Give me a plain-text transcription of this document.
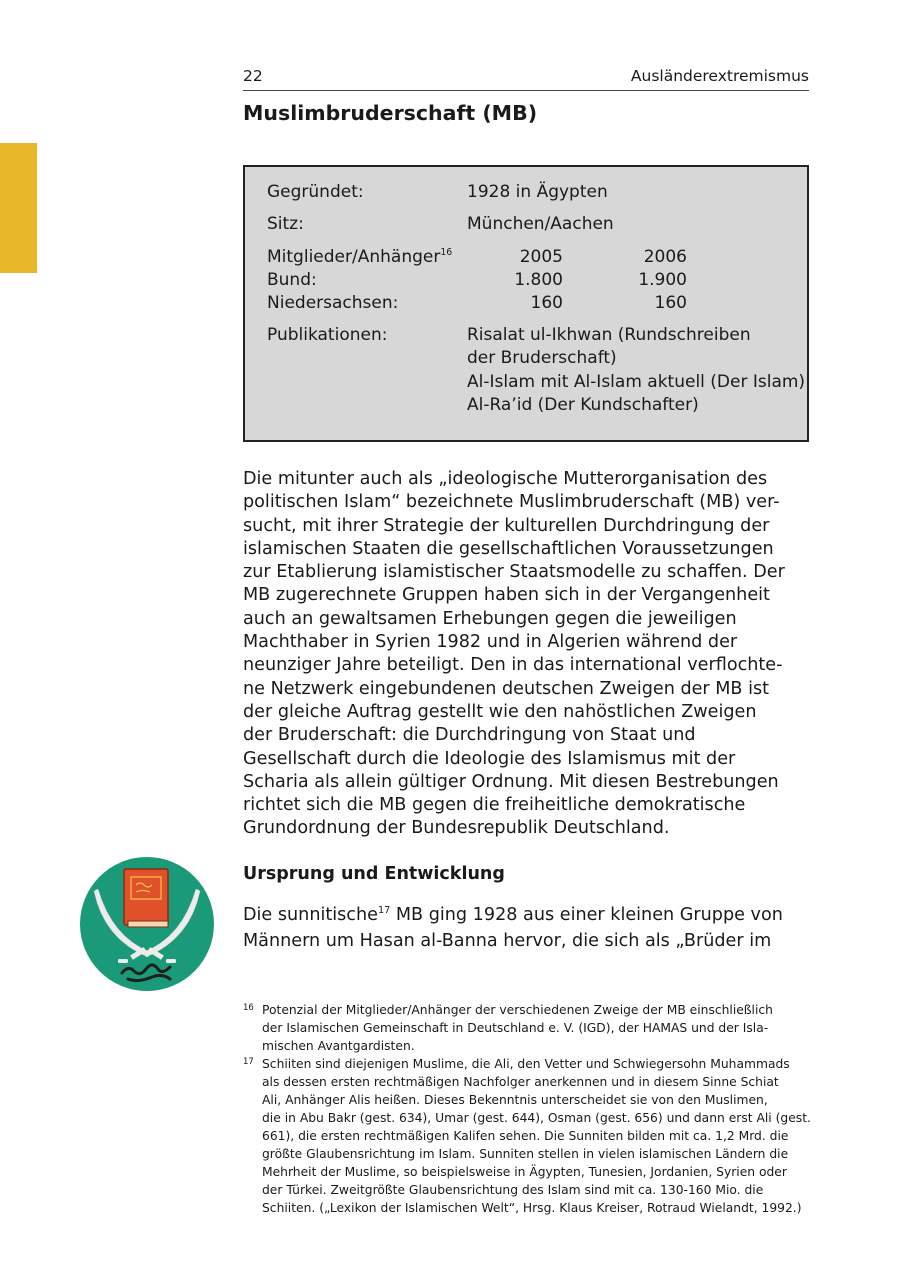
22	Ausländerextremismus
Muslimbruderschaft (MB)
Gegründet:	1928 in Ägypten
Sitz:	München/Aachen
Mitglieder/Anhänger$^{16}$	2005	2006
Bund:	1.800	1.900
Niedersachsen:	160	160
Publikationen:	Risalat ul-Ikhwan (Rundschreiben
der Bruderschaft)
Al-Islam mit Al-Islam aktuell (Der Islam)
Al-Ra’id (Der Kundschafter)
Die mitunter auch als „ideologische Mutterorganisation des
politischen Islam“ bezeichnete Muslimbruderschaft (MB) ver-
sucht, mit ihrer Strategie der kulturellen Durchdringung der
islamischen Staaten die gesellschaftlichen Voraussetzungen
zur Etablierung islamistischer Staatsmodelle zu schaffen. Der
MB zugerechnete Gruppen haben sich in der Vergangenheit
auch an gewaltsamen Erhebungen gegen die jeweiligen
Machthaber in Syrien 1982 und in Algerien während der
neunziger Jahre beteiligt. Den in das international verflochte-
ne Netzwerk eingebundenen deutschen Zweigen der MB ist
der gleiche Auftrag gestellt wie den nahöstlichen Zweigen
der Bruderschaft: die Durchdringung von Staat und
Gesellschaft durch die Ideologie des Islamismus mit der
Scharia als allein gültiger Ordnung. Mit diesen Bestrebungen
richtet sich die MB gegen die freiheitliche demokratische
Grundordnung der Bundesrepublik Deutschland.
Ursprung und Entwicklung
Die sunnitische$^{17}$ MB ging 1928 aus einer kleinen Gruppe von
Männern um Hasan al-Banna hervor, die sich als „Brüder im
16 Potenzial der Mitglieder/Anhänger der verschiedenen Zweige der MB einschließlich
der Islamischen Gemeinschaft in Deutschland e. V. (IGD), der HAMAS und der Isla-
mischen Avantgardisten.
17 Schiiten sind diejenigen Muslime, die Ali, den Vetter und Schwiegersohn Muhammads
als dessen ersten rechtmäßigen Nachfolger anerkennen und in diesem Sinne Schiat
Ali, Anhänger Alis heißen. Dieses Bekenntnis unterscheidet sie von den Muslimen,
die in Abu Bakr (gest. 634), Umar (gest. 644), Osman (gest. 656) und dann erst Ali (gest.
661), die ersten rechtmäßigen Kalifen sehen. Die Sunniten bilden mit ca. 1,2 Mrd. die
größte Glaubensrichtung im Islam. Sunniten stellen in vielen islamischen Ländern die
Mehrheit der Muslime, so beispielsweise in Ägypten, Tunesien, Jordanien, Syrien oder
der Türkei. Zweitgrößte Glaubensrichtung des Islam sind mit ca. 130-160 Mio. die
Schiiten. („Lexikon der Islamischen Welt“, Hrsg. Klaus Kreiser, Rotraud Wielandt, 1992.)
